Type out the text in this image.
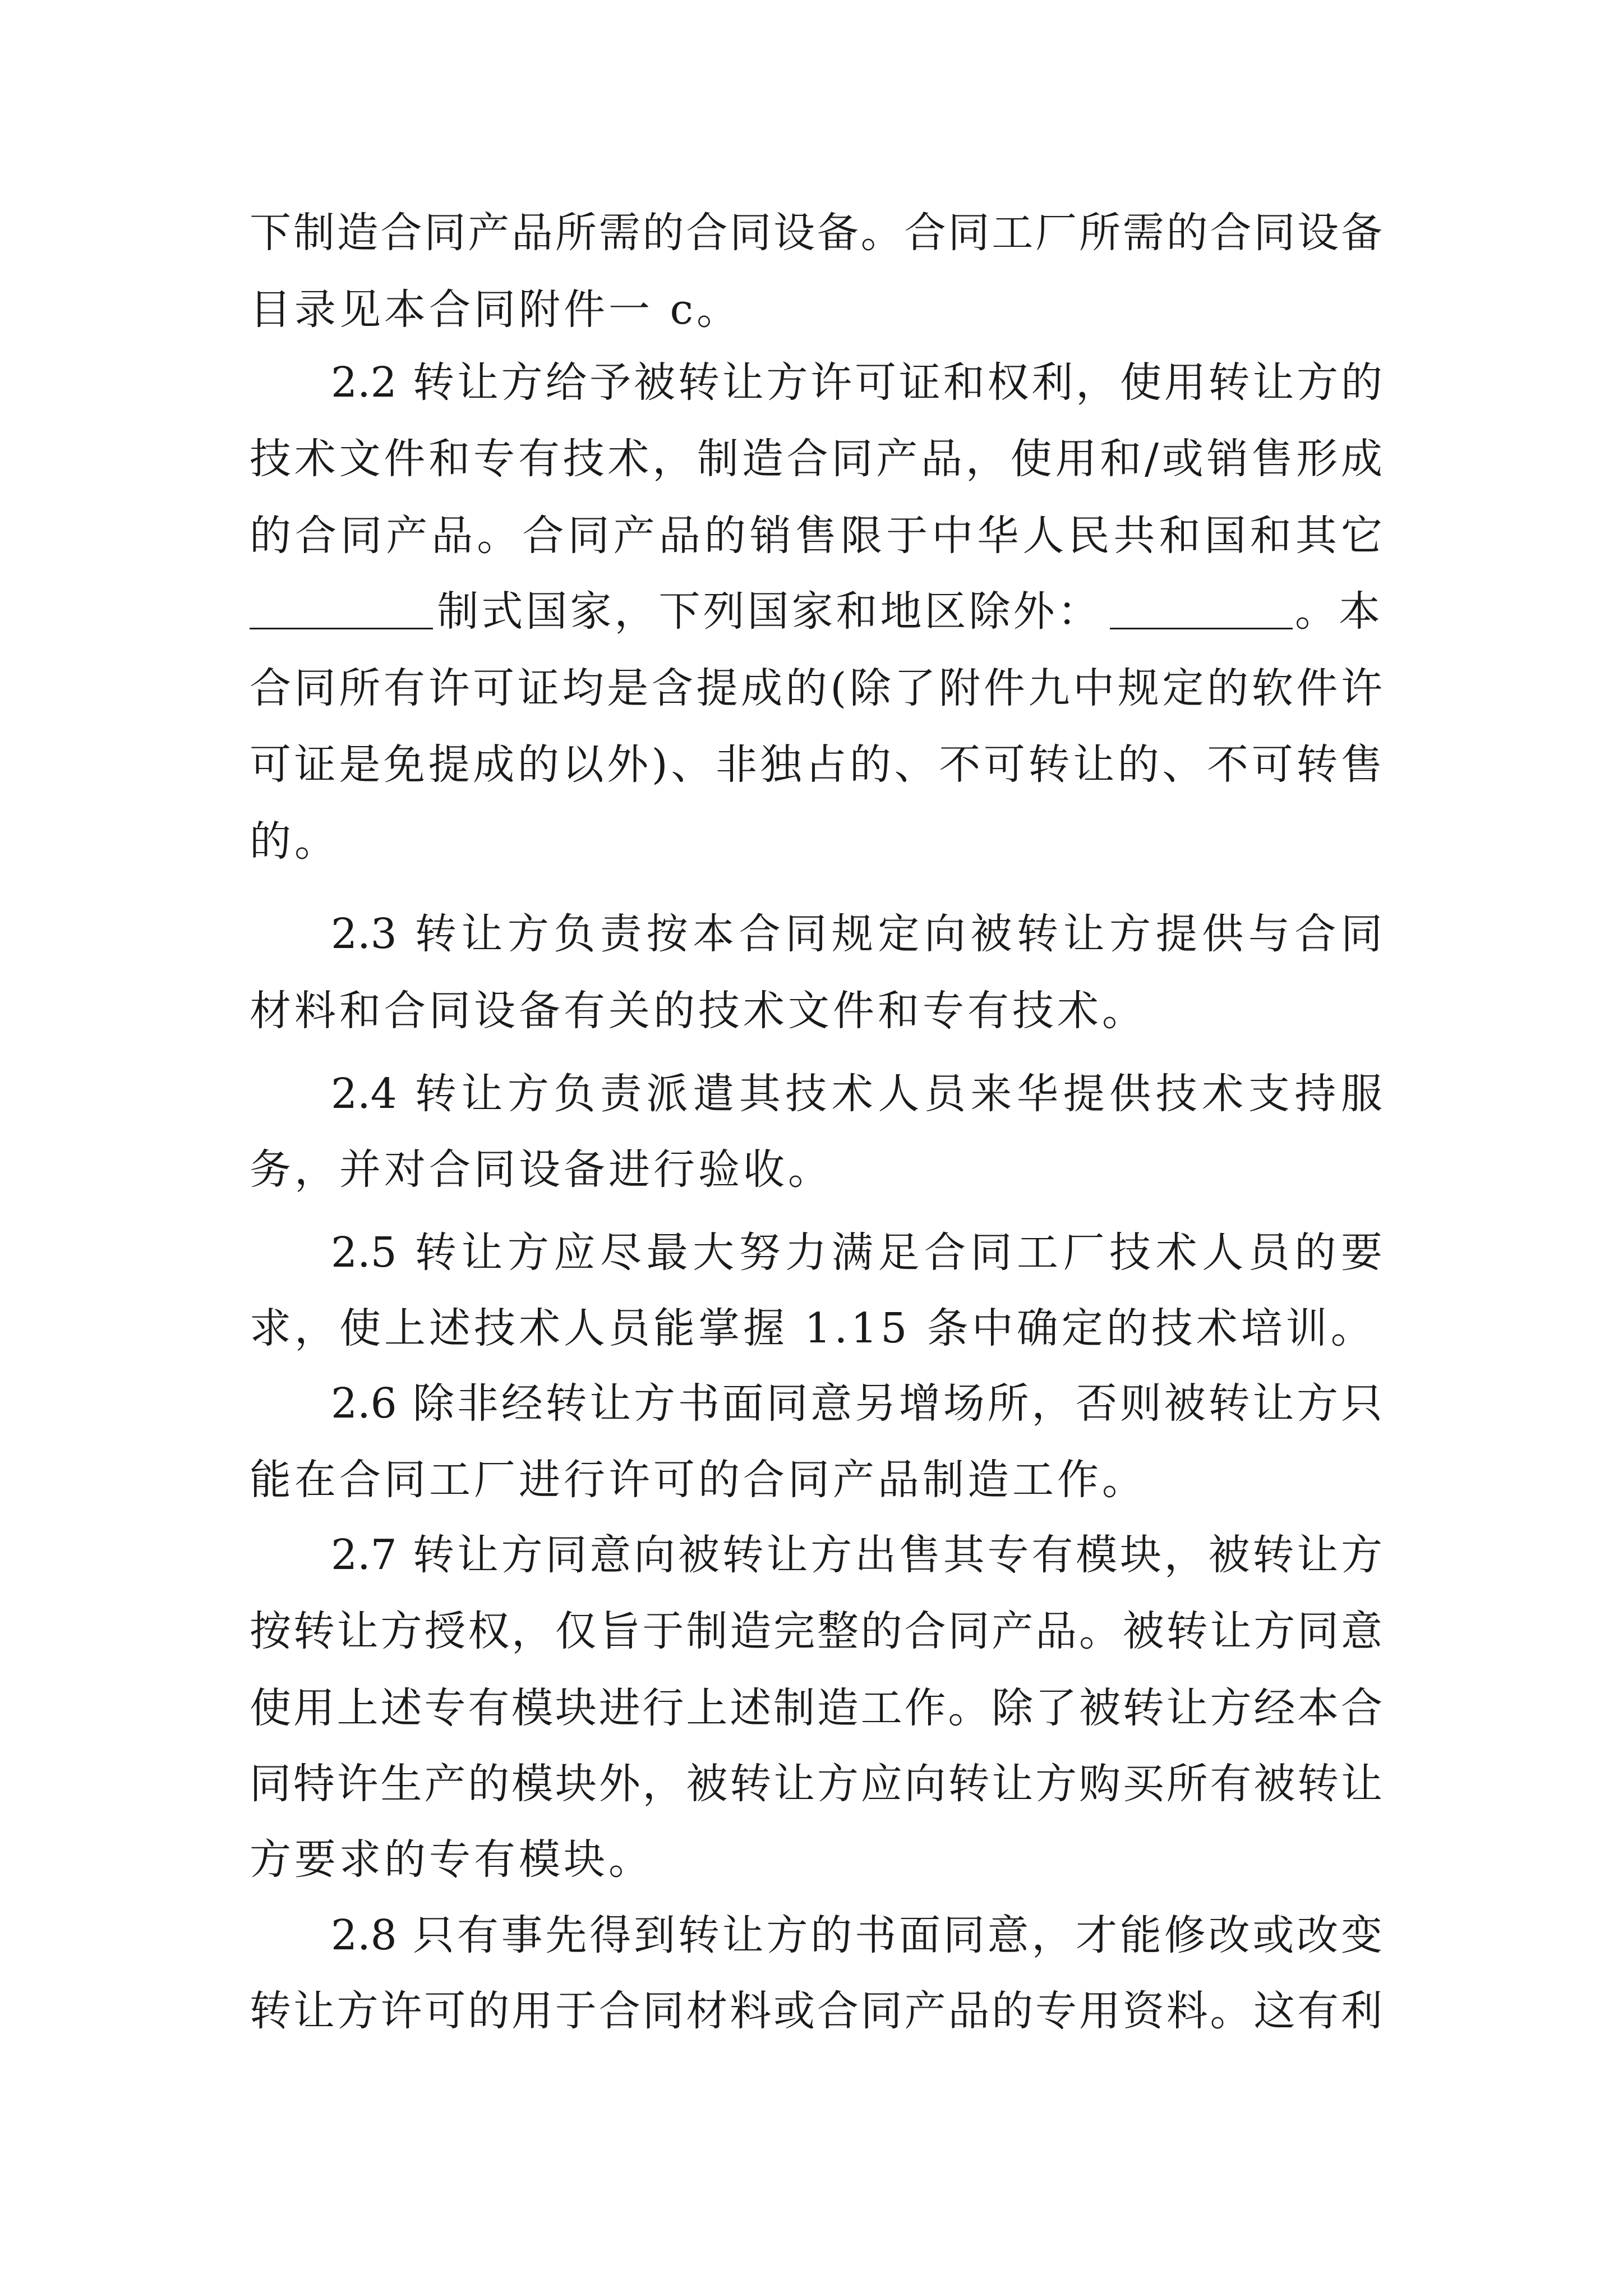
下制造合同产品所需的合同设备。合同工厂所需的合同设备
目录见本合同附件一 c。
2.2 转让方给予被转让方许可证和权利，使用转让方的
技术文件和专有技术，制造合同产品，使用和/或销售形成
的合同产品。合同产品的销售限于中华人民共和国和其它
制式国家，下列国家和地区除外：	。本
合同所有许可证均是含提成的(除了附件九中规定的软件许
可证是免提成的以外)、非独占的、不可转让的、不可转售
的。
2.3 转让方负责按本合同规定向被转让方提供与合同
材料和合同设备有关的技术文件和专有技术。
2.4 转让方负责派遣其技术人员来华提供技术支持服
务，并对合同设备进行验收。
2.5 转让方应尽最大努力满足合同工厂技术人员的要
求，使上述技术人员能掌握 1.15 条中确定的技术培训。
2.6 除非经转让方书面同意另增场所，否则被转让方只
能在合同工厂进行许可的合同产品制造工作。
2.7 转让方同意向被转让方出售其专有模块，被转让方
按转让方授权，仅旨于制造完整的合同产品。被转让方同意
使用上述专有模块进行上述制造工作。除了被转让方经本合
同特许生产的模块外，被转让方应向转让方购买所有被转让
方要求的专有模块。
2.8 只有事先得到转让方的书面同意，才能修改或改变
转让方许可的用于合同材料或合同产品的专用资料。这有利
